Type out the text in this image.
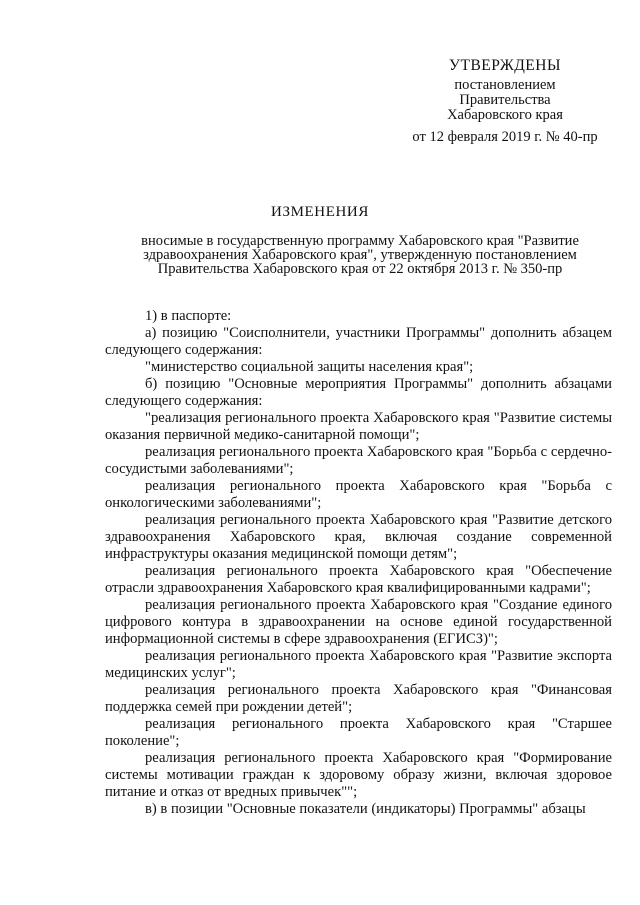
УТВЕРЖДЕНЫ
постановлением
Правительства
Хабаровского края
от 12 февраля 2019 г. № 40-пр
ИЗМЕНЕНИЯ
вносимые в государственную программу Хабаровского края "Развитие здравоохранения Хабаровского края", утвержденную постановлением Правительства Хабаровского края от 22 октября 2013 г. № 350-пр

1) в паспорте:

а) позицию "Соисполнители, участники Программы" дополнить абзацем следующего содержания:

"министерство социальной защиты населения края";

б) позицию "Основные мероприятия Программы" дополнить абзацами следующего содержания:

"реализация регионального проекта Хабаровского края "Развитие системы оказания первичной медико-санитарной помощи";

реализация регионального проекта Хабаровского края "Борьба с сердечно-сосудистыми заболеваниями";

реализация регионального проекта Хабаровского края "Борьба с онкологическими заболеваниями";

реализация регионального проекта Хабаровского края "Развитие детского здравоохранения Хабаровского края, включая создание современной инфраструктуры оказания медицинской помощи детям";

реализация регионального проекта Хабаровского края "Обеспечение отрасли здравоохранения Хабаровского края квалифицированными кадрами";

реализация регионального проекта Хабаровского края "Создание единого цифрового контура в здравоохранении на основе единой государственной информационной системы в сфере здравоохранения (ЕГИСЗ)";

реализация регионального проекта Хабаровского края "Развитие экспорта медицинских услуг";

реализация регионального проекта Хабаровского края "Финансовая поддержка семей при рождении детей";

реализация регионального проекта Хабаровского края "Старшее поколение";

реализация регионального проекта Хабаровского края "Формирование системы мотивации граждан к здоровому образу жизни, включая здоровое питание и отказ от вредных привычек"";

в) в позиции "Основные показатели (индикаторы) Программы" абзацы
